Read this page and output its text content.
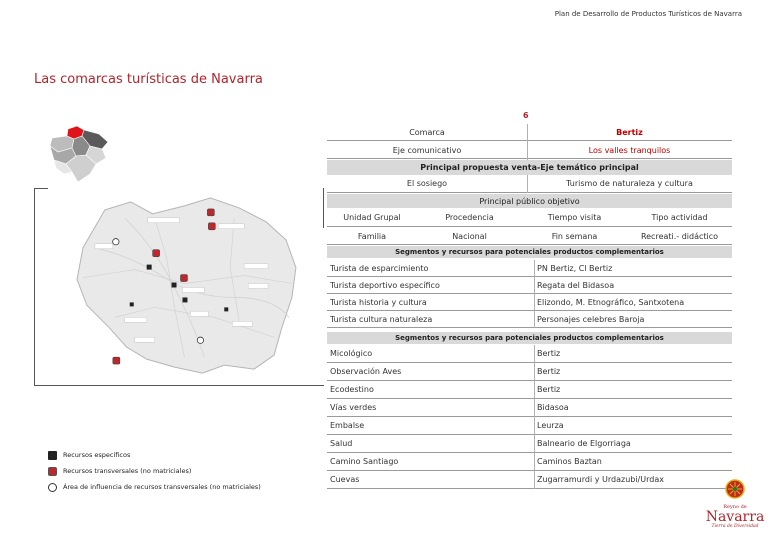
Plan de Desarrollo de Productos Turísticos de Navarra
Las comarcas turísticas de Navarra
6
Comarca	Bertiz
Eje comunicativo	Los valles tranquilos
Principal propuesta venta-Eje temático principal
El sosiego	Turismo de naturaleza y cultura
Principal público objetivo
Unidad Grupal	Procedencia	Tiempo visita	Tipo actividad
Familia	Nacional	Fin semana	Recreati.- didáctico
Segmentos y recursos para potenciales productos complementarios
Turista de esparcimiento	PN Bertiz, Cl Bertiz
Turista deportivo específico	Regata del Bidasoa
Turista historia y cultura	Elizondo, M. Etnográfico, Santxotena
Turista cultura naturaleza	Personajes celebres Baroja
Segmentos y recursos para potenciales productos complementarios
Micológico	Bertiz
Observación Aves	Bertiz
Ecodestino	Bertiz
Vías verdes	Bidasoa
Embalse	Leurza
Salud	Balneario de Elgorriaga
Camino Santiago	Caminos Baztan
Cuevas	Zugarramurdi y Urdazubi/Urdax
Recursos específicos
Recursos transversales (no matriciales)
Área de influencia de recursos transversales (no matriciales)
Reyno de
Navarra
Tierra de Diversidad
